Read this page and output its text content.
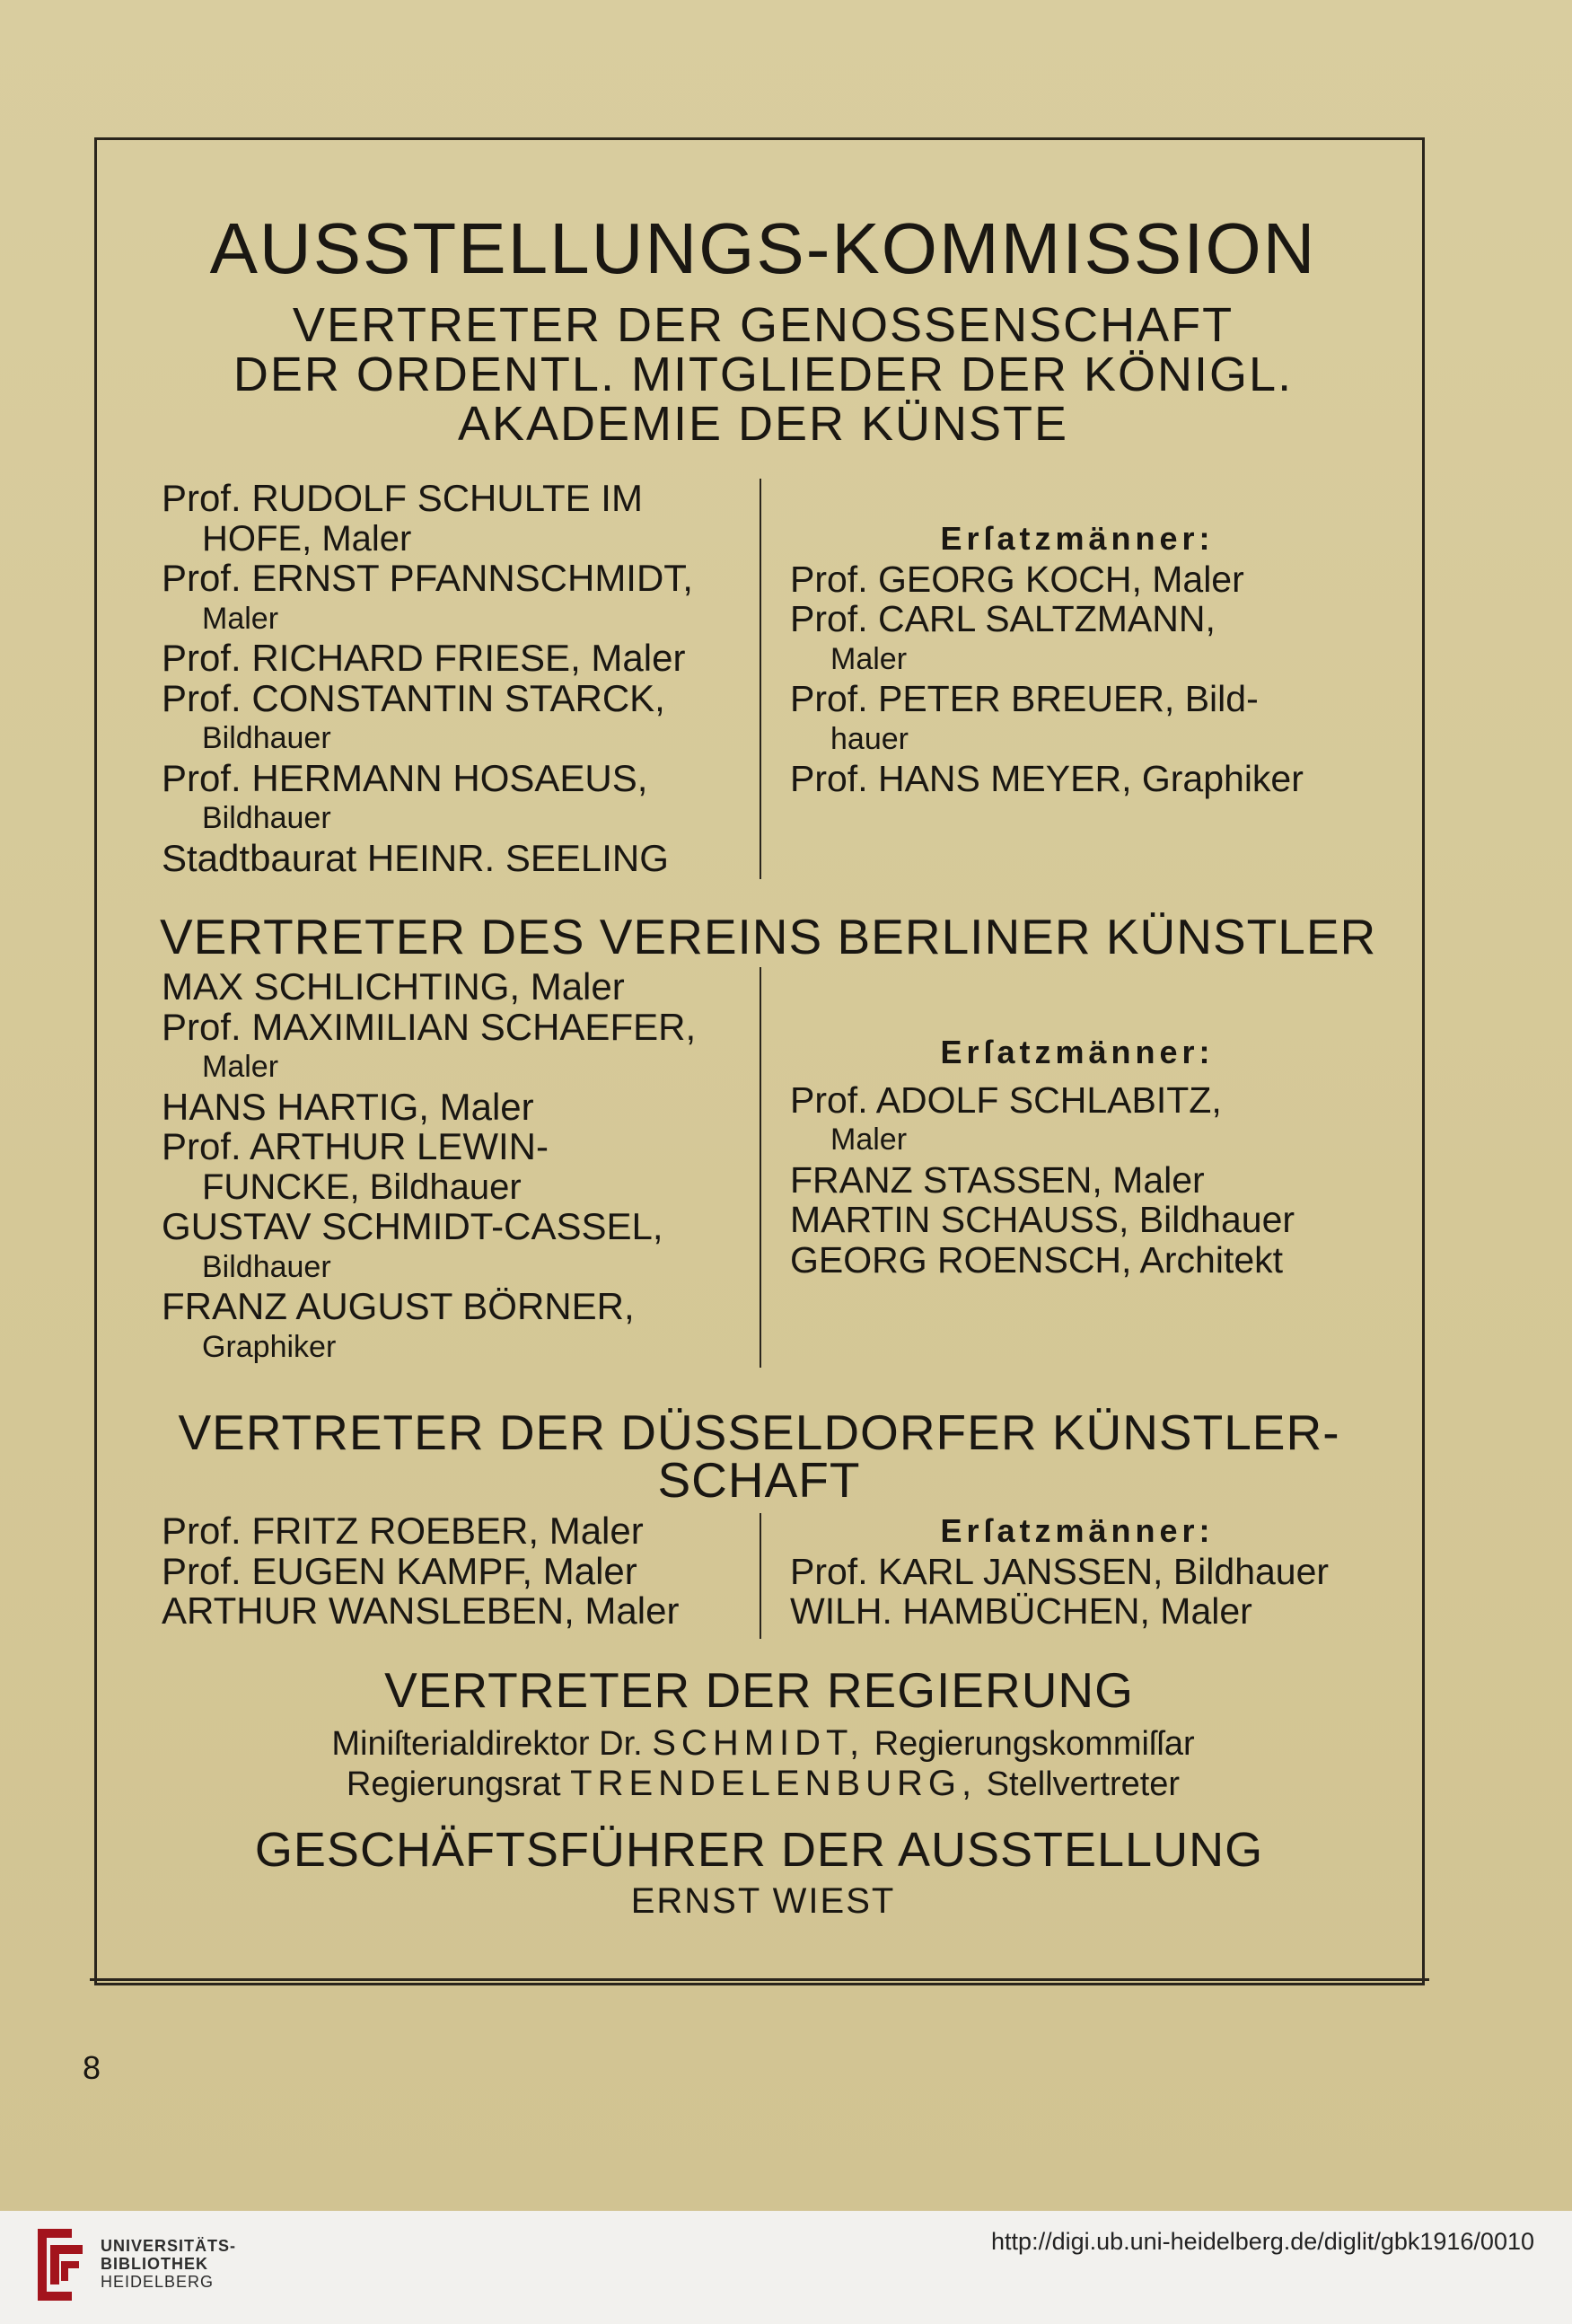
AUSSTELLUNGS-KOMMISSION
VERTRETER DER GENOSSENSCHAFT
DER ORDENTL. MITGLIEDER DER KÖNIGL.
AKADEMIE DER KÜNSTE
Prof. RUDOLF SCHULTE IM
HOFE, Maler
Prof. ERNST PFANNSCHMIDT,
Maler
Prof. RICHARD FRIESE, Maler
Prof. CONSTANTIN STARCK,
Bildhauer
Prof. HERMANN HOSAEUS,
Bildhauer
Stadtbaurat HEINR. SEELING
Erſatzmänner:
Prof. GEORG KOCH, Maler
Prof. CARL SALTZMANN,
Maler
Prof. PETER BREUER, Bild-
hauer
Prof. HANS MEYER, Graphiker
VERTRETER DES VEREINS BERLINER KÜNSTLER
MAX SCHLICHTING, Maler
Prof. MAXIMILIAN SCHAEFER,
Maler
HANS HARTIG, Maler
Prof. ARTHUR LEWIN-
FUNCKE, Bildhauer
GUSTAV SCHMIDT-CASSEL,
Bildhauer
FRANZ AUGUST BÖRNER,
Graphiker
Erſatzmänner:
Prof. ADOLF SCHLABITZ,
Maler
FRANZ STASSEN, Maler
MARTIN SCHAUSS, Bildhauer
GEORG ROENSCH, Architekt
VERTRETER DER DÜSSELDORFER KÜNSTLER-
SCHAFT
Prof. FRITZ ROEBER, Maler
Prof. EUGEN KAMPF, Maler
ARTHUR WANSLEBEN, Maler
Erſatzmänner:
Prof. KARL JANSSEN, Bildhauer
WILH. HAMBÜCHEN, Maler
VERTRETER DER REGIERUNG
Miniſterialdirektor Dr. SCHMIDT, Regierungskommiſſar
Regierungsrat TRENDELENBURG, Stellvertreter
GESCHÄFTSFÜHRER DER AUSSTELLUNG
ERNST WIEST
8
UNIVERSITÄTS-
BIBLIOTHEK
HEIDELBERG
http://digi.ub.uni-heidelberg.de/diglit/gbk1916/0010
